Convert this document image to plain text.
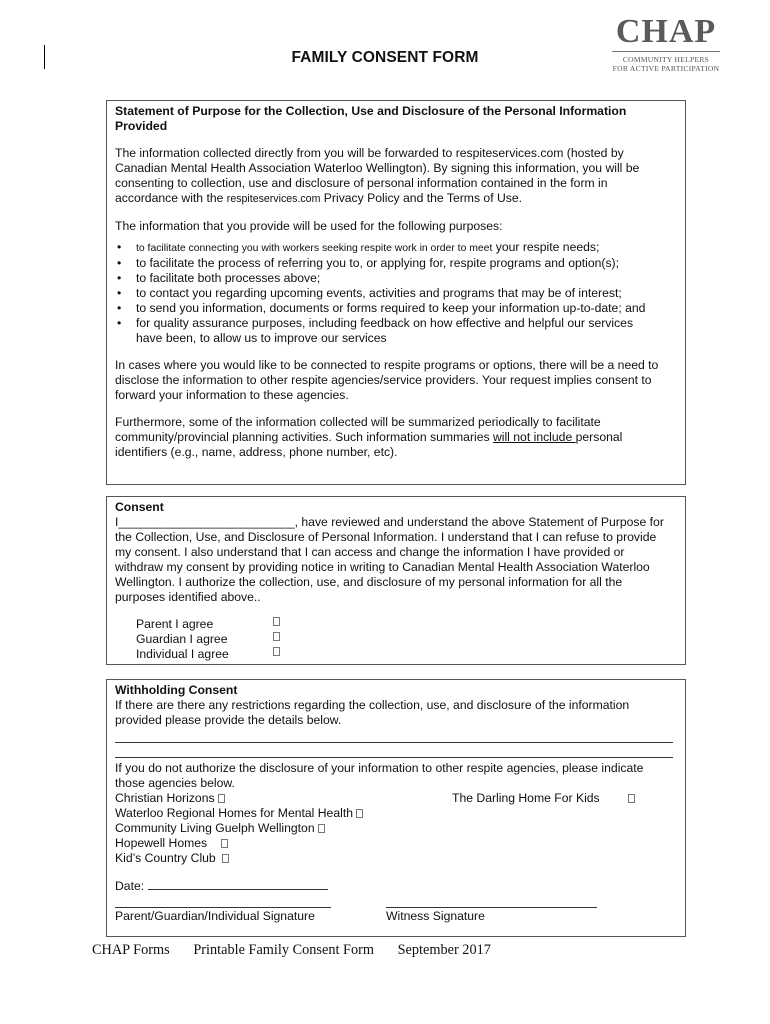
FAMILY CONSENT FORM
CHAP
COMMUNITY HELPERS
FOR ACTIVE PARTICIPATION

Statement of Purpose for the Collection, Use and Disclosure of the Personal Information

Provided

The information collected directly from you will be forwarded to respiteservices.com (hosted by

Canadian Mental Health Association Waterloo Wellington). By signing this information, you will be

consenting to collection, use and disclosure of personal information contained in the form in

accordance with the respiteservices.com Privacy Policy and the Terms of Use.

The information that you provide will be used for the following purposes:

• to facilitate connecting you with workers seeking respite work in order to meet your respite needs;
• to facilitate the process of referring you to, or applying for, respite programs and option(s);
• to facilitate both processes above;
• to contact you regarding upcoming events, activities and programs that may be of interest;
• to send you information, documents or forms required to keep your information up-to-date; and
• for quality assurance purposes, including feedback on how effective and helpful our services
have been, to allow us to improve our services

In cases where you would like to be connected to respite programs or options, there will be a need to

disclose the information to other respite agencies/service providers. Your request implies consent to

forward your information to these agencies.

Furthermore, some of the information collected will be summarized periodically to facilitate

community/provincial planning activities. Such information summaries will not include personal

identifiers (e.g., name, address, phone number, etc).

Consent

I__________________________, have reviewed and understand the above Statement of Purpose for

the Collection, Use, and Disclosure of Personal Information. I understand that I can refuse to provide

my consent. I also understand that I can access and change the information I have provided or

withdraw my consent by providing notice in writing to Canadian Mental Health Association Waterloo

Wellington. I authorize the collection, use, and disclosure of my personal information for all the

purposes identified above..

Parent I agree
Guardian I agree
Individual I agree

Withholding Consent

If there are there any restrictions regarding the collection, use, and disclosure of the information

provided please provide the details below.

If you do not authorize the disclosure of your information to other respite agencies, please indicate

those agencies below.

Christian Horizons	The Darling Home For Kids

Waterloo Regional Homes for Mental Health

Community Living Guelph Wellington

Hopewell Homes

Kid’s Country Club

Date:

Parent/Guardian/Individual Signature	Witness Signature

CHAP Forms Printable Family Consent Form September 2017
